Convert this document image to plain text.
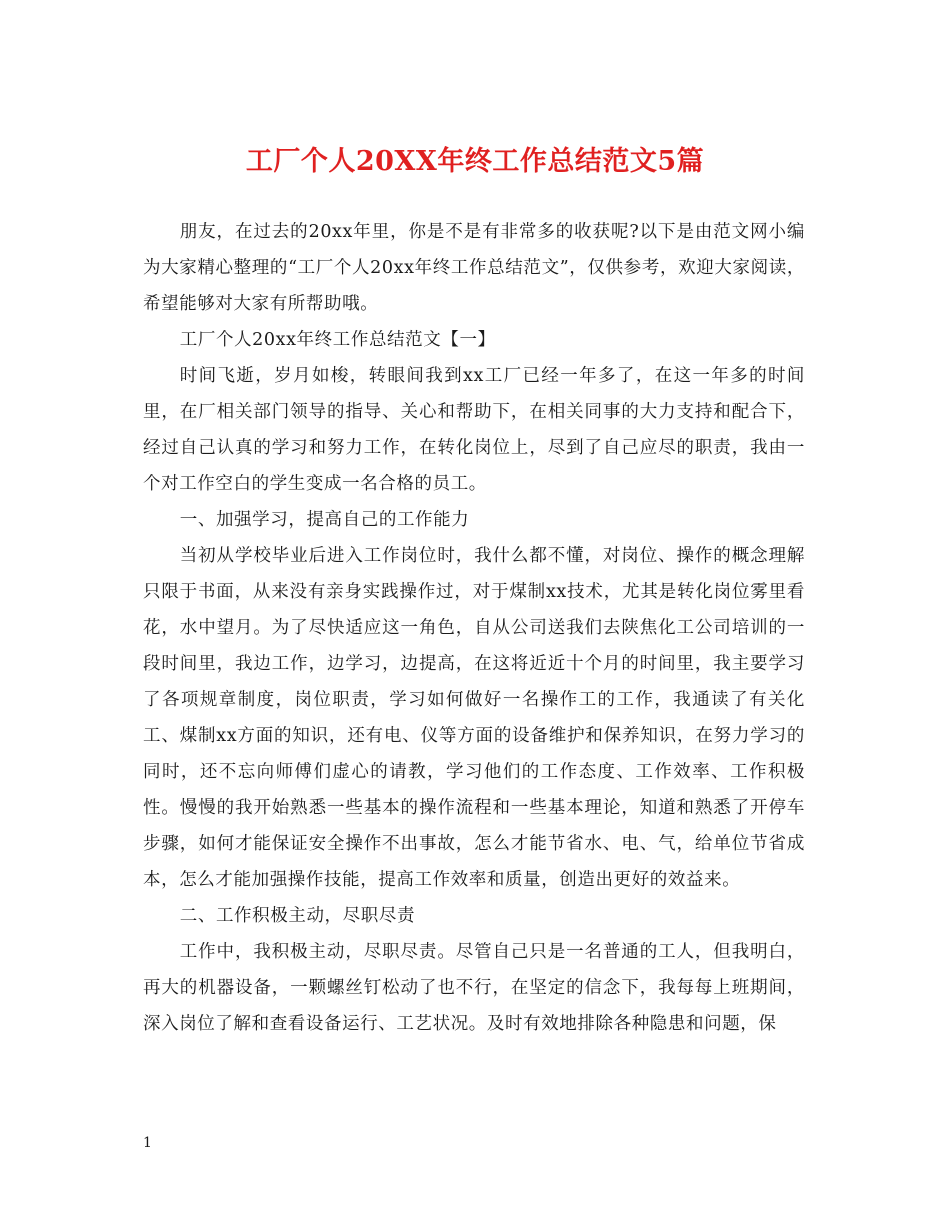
工厂个人20XX年终工作总结范文5篇

朋友，在过去的20xx年里，你是不是有非常多的收获呢?以下是由范文网小编为大家精心整理的“工厂个人20xx年终工作总结范文”，仅供参考，欢迎大家阅读，希望能够对大家有所帮助哦。

工厂个人20xx年终工作总结范文【一】

时间飞逝，岁月如梭，转眼间我到xx工厂已经一年多了，在这一年多的时间里，在厂相关部门领导的指导、关心和帮助下，在相关同事的大力支持和配合下，经过自己认真的学习和努力工作，在转化岗位上，尽到了自己应尽的职责，我由一个对工作空白的学生变成一名合格的员工。

一、加强学习，提高自己的工作能力

当初从学校毕业后进入工作岗位时，我什么都不懂，对岗位、操作的概念理解只限于书面，从来没有亲身实践操作过，对于煤制xx技术，尤其是转化岗位雾里看花，水中望月。为了尽快适应这一角色，自从公司送我们去陕焦化工公司培训的一段时间里，我边工作，边学习，边提高，在这将近近十个月的时间里，我主要学习了各项规章制度，岗位职责，学习如何做好一名操作工的工作，我通读了有关化工、煤制xx方面的知识，还有电、仪等方面的设备维护和保养知识，在努力学习的同时，还不忘向师傅们虚心的请教，学习他们的工作态度、工作效率、工作积极性。慢慢的我开始熟悉一些基本的操作流程和一些基本理论，知道和熟悉了开停车步骤，如何才能保证安全操作不出事故，怎么才能节省水、电、气，给单位节省成本，怎么才能加强操作技能，提高工作效率和质量，创造出更好的效益来。

二、工作积极主动，尽职尽责

工作中，我积极主动，尽职尽责。尽管自己只是一名普通的工人，但我明白，再大的机器设备，一颗螺丝钉松动了也不行，在坚定的信念下，我每每上班期间，深入岗位了解和查看设备运行、工艺状况。及时有效地排除各种隐患和问题，保

1
